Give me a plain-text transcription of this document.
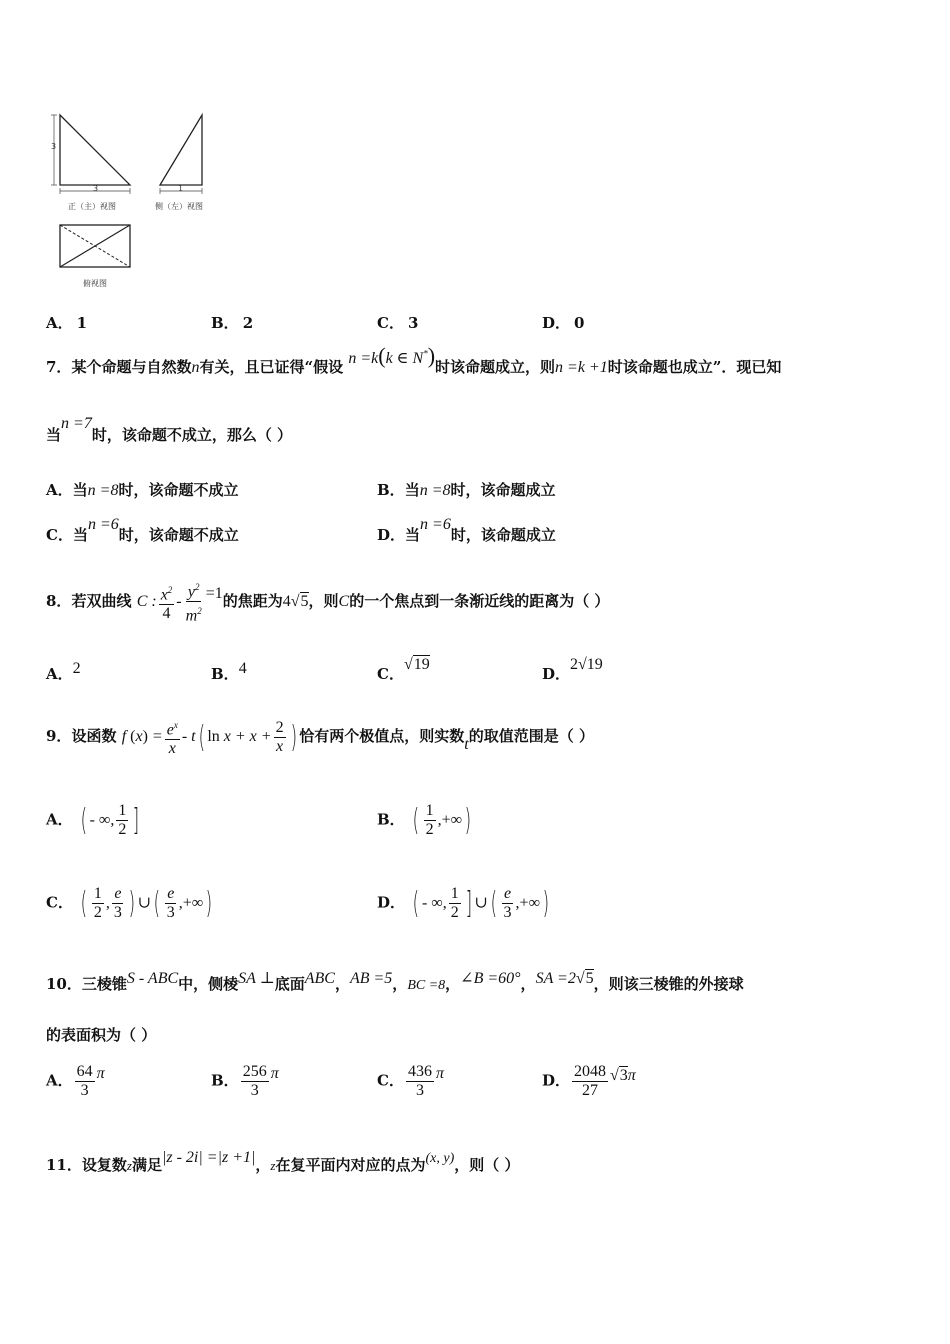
3
3	1
正（主）视图	侧（左）视图
俯视图
A． 1	B． 2	C． 3	D． 0
7．某个命题与自然数n有关，且已证得“假设 n =k(k ∈ N*)时该命题成立，则n =k +1时该命题也成立”．现已知
当n =7时，该命题不成立，那么（ ）
A．当n =8时，该命题不成立	B．当n =8时，该命题成立
C．当n =6时，该命题不成立	D．当n =6时，该命题成立
8．若双曲线 C : $\frac{x^2}{4} - \frac{y^2}{m^2} =1$的焦距为4√5，则C的一个焦点到一条渐近线的距离为（ ）
A．2	B．4	C．√19
D．2√19
9．设函数 f $(x) = \frac{e^x}{x} - t$( $\ln x + x + \frac{2}{x}$ ) 恰有两个极值点，则实数t的取值范围是（ ）
A． ( - ∞, $\frac{1}{2}$ ]	B． ( $\frac{1}{2}$ ,+∞)
C． ( $\frac{1}{2}$ , $\frac{e}{3}$ ) ∪( $\frac{e}{3}$ ,+∞)	D． ( - ∞, $\frac{1}{2}$ ] ∪( $\frac{e}{3}$ ,+∞)
10．三棱锥S - ABC中，侧棱SA ⊥底面ABC，AB =5，BC =8，∠B =60°，SA =2√5，则该三棱锥的外接球
的表面积为（ ）
A． $\frac{64}{3}$ π	B． $\frac{256}{3}$ π	C． $\frac{436}{3}$ π	D． $\frac{2048}{27} √3\pi$
11．设复数z满足|z - 2i| =|z +1|，z在复平面内对应的点为(x, y)，则（ ）
